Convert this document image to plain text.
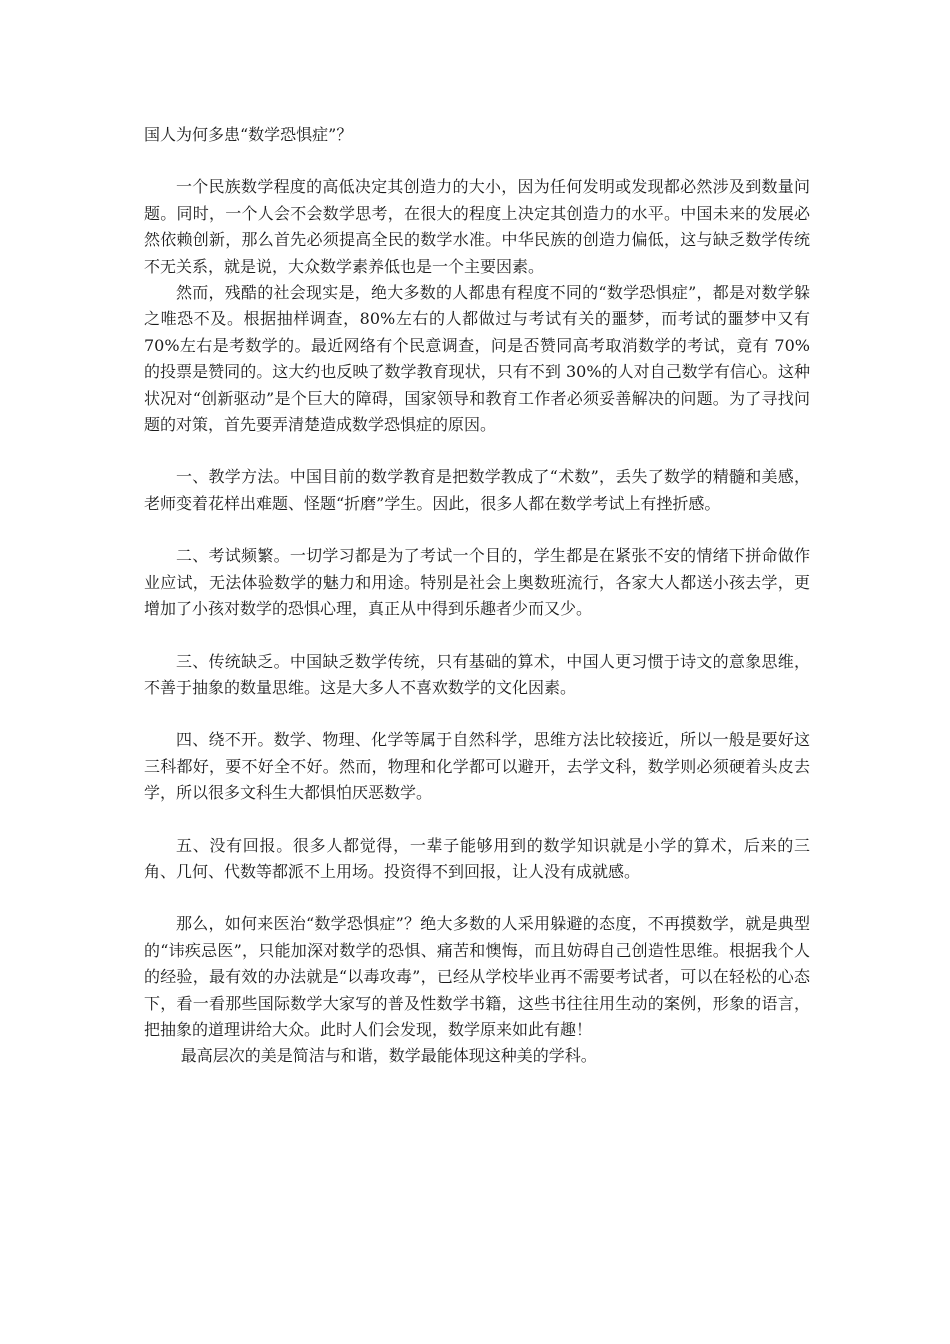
国人为何多患“数学恐惧症”？

一个民族数学程度的高低决定其创造力的大小，因为任何发明或发现都必然涉及到数量问题。同时，一个人会不会数学思考，在很大的程度上决定其创造力的水平。中国未来的发展必然依赖创新，那么首先必须提高全民的数学水准。中华民族的创造力偏低，这与缺乏数学传统不无关系，就是说，大众数学素养低也是一个主要因素。

然而，残酷的社会现实是，绝大多数的人都患有程度不同的“数学恐惧症”，都是对数学躲之唯恐不及。根据抽样调查，80%左右的人都做过与考试有关的噩梦，而考试的噩梦中又有 70%左右是考数学的。最近网络有个民意调查，问是否赞同高考取消数学的考试，竟有 70%的投票是赞同的。这大约也反映了数学教育现状，只有不到 30%的人对自己数学有信心。这种状况对“创新驱动”是个巨大的障碍，国家领导和教育工作者必须妥善解决的问题。为了寻找问题的对策，首先要弄清楚造成数学恐惧症的原因。

一、教学方法。中国目前的数学教育是把数学教成了“术数”，丢失了数学的精髓和美感，老师变着花样出难题、怪题“折磨”学生。因此，很多人都在数学考试上有挫折感。

二、考试频繁。一切学习都是为了考试一个目的，学生都是在紧张不安的情绪下拼命做作业应试，无法体验数学的魅力和用途。特别是社会上奥数班流行，各家大人都送小孩去学，更增加了小孩对数学的恐惧心理，真正从中得到乐趣者少而又少。

三、传统缺乏。中国缺乏数学传统，只有基础的算术，中国人更习惯于诗文的意象思维，不善于抽象的数量思维。这是大多人不喜欢数学的文化因素。

四、绕不开。数学、物理、化学等属于自然科学，思维方法比较接近，所以一般是要好这三科都好，要不好全不好。然而，物理和化学都可以避开，去学文科，数学则必须硬着头皮去学，所以很多文科生大都惧怕厌恶数学。

五、没有回报。很多人都觉得，一辈子能够用到的数学知识就是小学的算术，后来的三角、几何、代数等都派不上用场。投资得不到回报，让人没有成就感。

那么，如何来医治“数学恐惧症”？绝大多数的人采用躲避的态度，不再摸数学，就是典型的“讳疾忌医”，只能加深对数学的恐惧、痛苦和懊悔，而且妨碍自己创造性思维。根据我个人的经验，最有效的办法就是“以毒攻毒”，已经从学校毕业再不需要考试者，可以在轻松的心态下，看一看那些国际数学大家写的普及性数学书籍，这些书往往用生动的案例，形象的语言，把抽象的道理讲给大众。此时人们会发现，数学原来如此有趣！

最高层次的美是简洁与和谐，数学最能体现这种美的学科。
